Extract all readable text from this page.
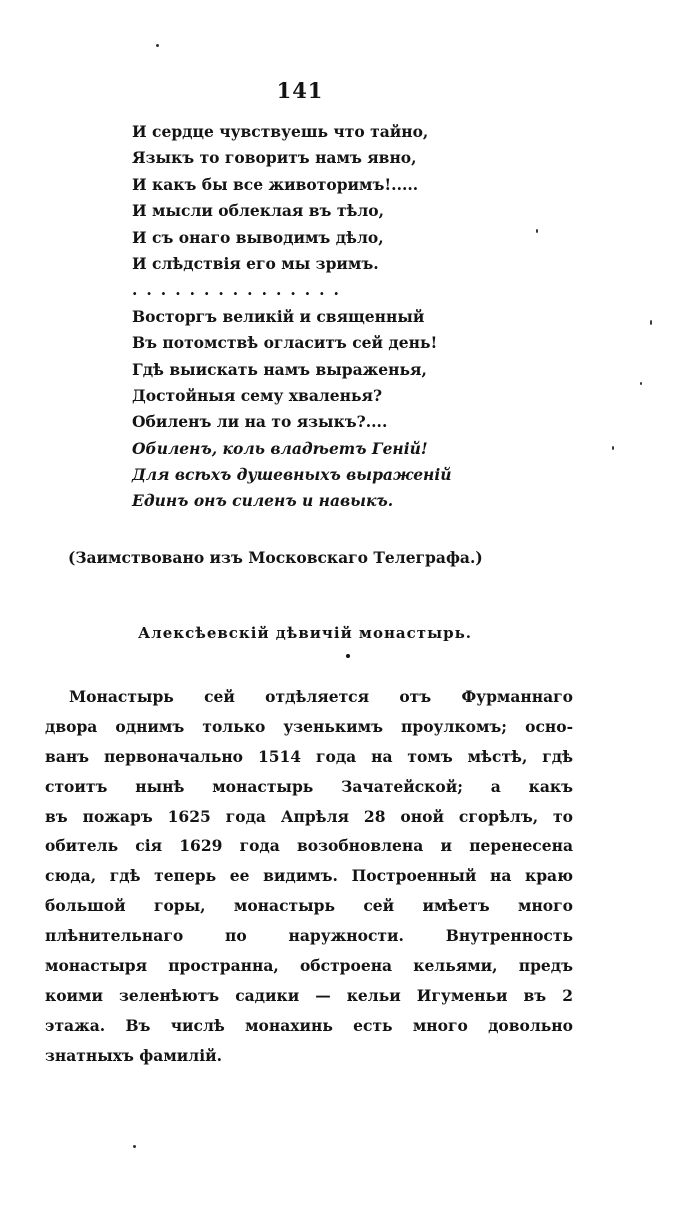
141
И сердце чувствуешь что тайно,
Языкъ то говоритъ намъ явно,
И какъ бы все животоримъ!.....
И мысли облеклая въ тѣло,
И съ онаго выводимъ дѣло,
И слѣдствiя его мы зримъ.
...............
Восторгъ великiй и священный
Въ потомствѣ огласитъ сей день!
Гдѣ выискать намъ выраженья,
Достойныя сему хваленья?
Обиленъ ли на то языкъ?....
Обиленъ, коль владѣетъ Генiй!
Для всѣхъ душевныхъ выраженiй
Единъ онъ силенъ и навыкъ.
(Заимствовано изъ Московскаго Телеграфа.)
Алексѣевскiй дѣвичiй монастырь.
Монастырь сей отдѣляется отъ Фурманнаго
двора однимъ только узенькимъ проулкомъ; осно-
ванъ первоначально 1514 года на томъ мѣстѣ, гдѣ
стоитъ нынѣ монастырь Зачатейской; а какъ
въ пожаръ 1625 года Апрѣля 28 оной сгорѣлъ, то
обитель сiя 1629 года возобновлена и перенесена
сюда, гдѣ теперь ее видимъ. Построенный на краю
большой горы, монастырь сей имѣетъ много
плѣнительнаго по наружности. Внутренность
монастыря пространна, обстроена кельями, предъ
коими зеленѣютъ садики — кельи Игуменьи въ 2
этажа. Въ числѣ монахинь есть много довольно
знатныхъ фамилiй.
